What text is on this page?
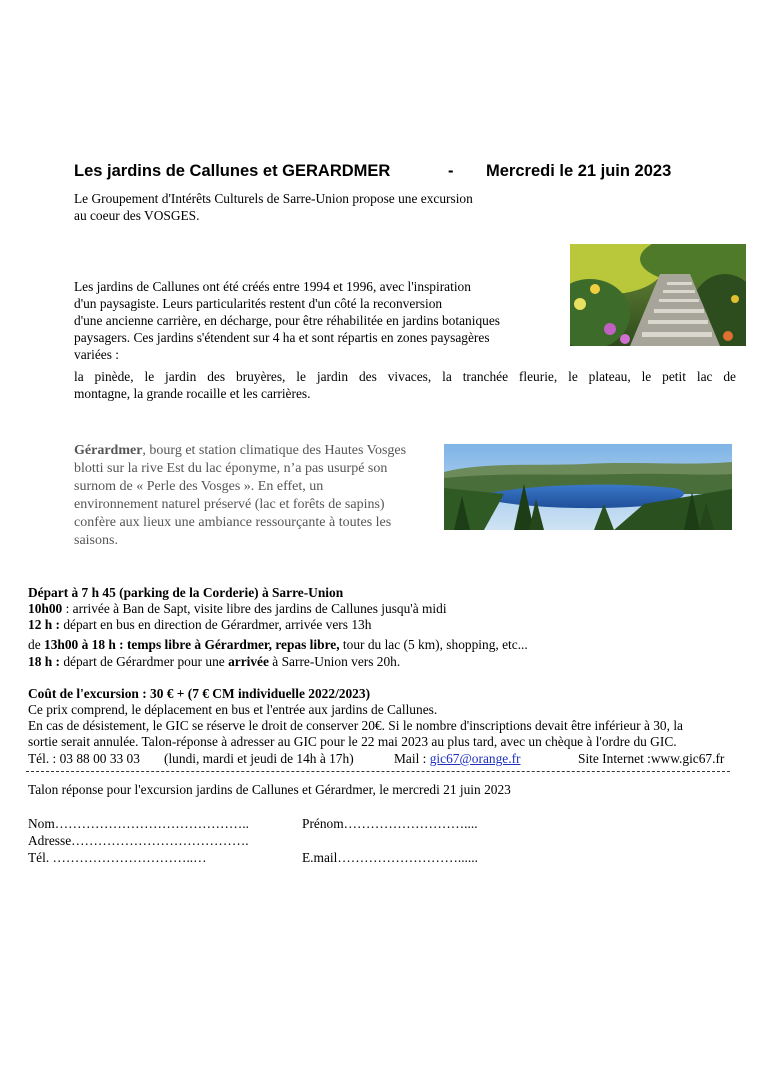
Les jardins de Callunes et GERARDMER	- Mercredi le 21 juin 2023
Le Groupement d'Intérêts Culturels de Sarre-Union propose une excursion
au coeur des VOSGES.
Les jardins de Callunes ont été créés entre 1994 et 1996, avec l'inspiration
d'un paysagiste. Leurs particularités restent d'un côté la reconversion
d'une ancienne carrière, en décharge, pour être réhabilitée en jardins botaniques
paysagers. Ces jardins s'étendent sur 4 ha et sont répartis en zones paysagères
variées :
la pinède, le jardin des bruyères, le jardin des vivaces, la tranchée fleurie, le plateau, le petit lac de
montagne, la grande rocaille et les carrières.
Gérardmer, bourg et station climatique des Hautes Vosges
blotti sur la rive Est du lac éponyme, n’a pas usurpé son
surnom de « Perle des Vosges ». En effet, un
environnement naturel préservé (lac et forêts de sapins)
confère aux lieux une ambiance ressourçante à toutes les
saisons.
Départ à 7 h 45 (parking de la Corderie) à Sarre-Union
10h00 : arrivée à Ban de Sapt, visite libre des jardins de Callunes jusqu'à midi
12 h : départ en bus en direction de Gérardmer, arrivée vers 13h
de 13h00 à 18 h : temps libre à Gérardmer, repas libre, tour du lac (5 km), shopping, etc...
18 h : départ de Gérardmer pour une arrivée à Sarre-Union vers 20h.
Coût de l'excursion : 30 € + (7 € CM individuelle 2022/2023)
Ce prix comprend, le déplacement en bus et l'entrée aux jardins de Callunes.
En cas de désistement, le GIC se réserve le droit de conserver 20€. Si le nombre d'inscriptions devait être inférieur à 30, la
sortie serait annulée. Talon-réponse à adresser au GIC pour le 22 mai 2023 au plus tard, avec un chèque à l'ordre du GIC.
Tél. : 03 88 00 33 03 (lundi, mardi et jeudi de 14h à 17h)	Mail : gic67@orange.fr	Site Internet :www.gic67.fr
Talon réponse pour l'excursion jardins de Callunes et Gérardmer, le mercredi 21 juin 2023
Nom……………………………………..	Prénom………………………....
Adresse………………………………….
Tél. …………………………..…	E.mail………………………......
